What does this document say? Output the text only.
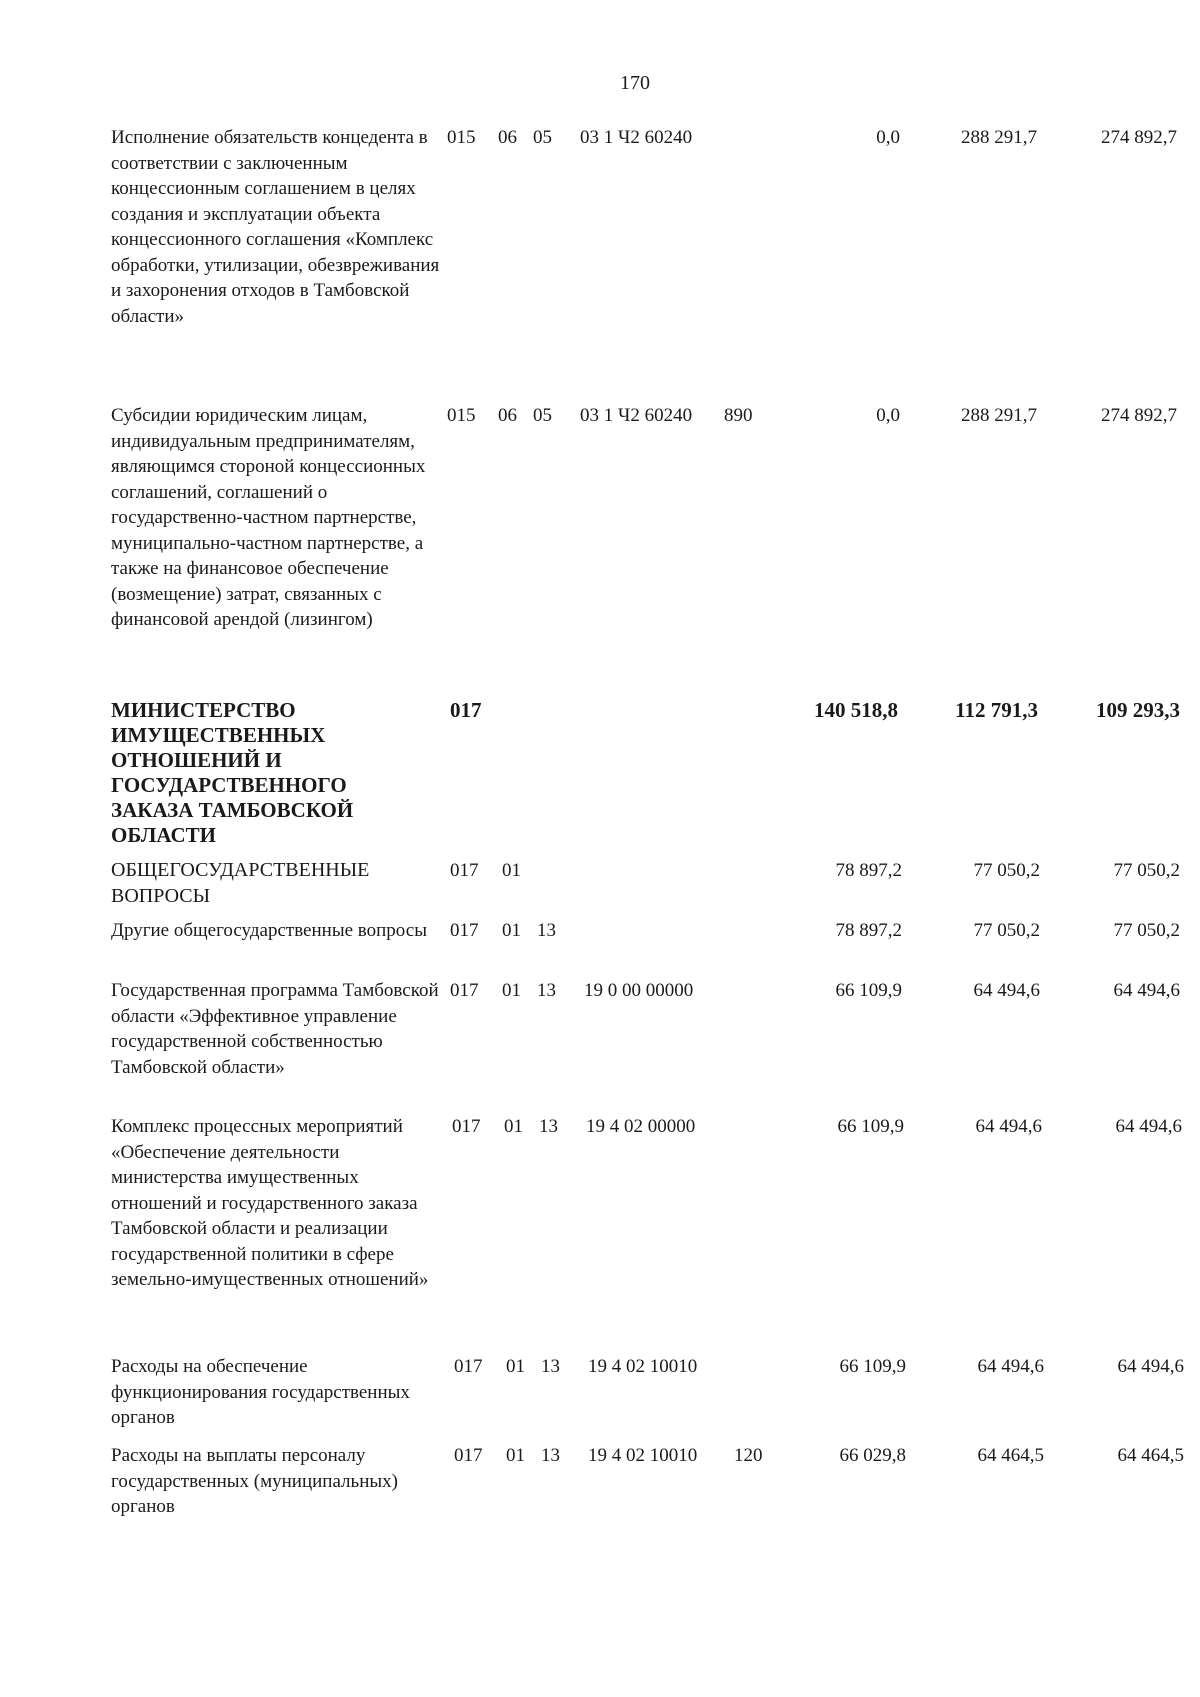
170
Исполнение обязательств концедента в соответствии с заключенным концессионным соглашением в целях создания и эксплуатации объекта концессионного соглашения «Комплекс обработки, утилизации, обезвреживания и захоронения отходов в Тамбовской области»
015 06 05 03 1 Ч2 60240	0,0	288 291,7	274 892,7
Субсидии юридическим лицам, индивидуальным предпринимателям, являющимся стороной концессионных соглашений, соглашений о государственно-частном партнерстве, муниципально-частном партнерстве, а также на финансовое обеспечение (возмещение) затрат, связанных с финансовой арендой (лизингом)
015 06 05 03 1 Ч2 60240 890	0,0	288 291,7	274 892,7
МИНИСТЕРСТВО ИМУЩЕСТВЕННЫХ ОТНОШЕНИЙ И ГОСУДАРСТВЕННОГО ЗАКАЗА ТАМБОВСКОЙ ОБЛАСТИ
017	140 518,8	112 791,3	109 293,3
ОБЩЕГОСУДАРСТВЕННЫЕ ВОПРОСЫ
017 01	78 897,2	77 050,2	77 050,2
Другие общегосударственные вопросы	017 01 13	78 897,2	77 050,2	77 050,2
Государственная программа Тамбовской области «Эффективное управление государственной собственностью Тамбовской области»
017 01 13 19 0 00 00000	66 109,9	64 494,6	64 494,6
Комплекс процессных мероприятий «Обеспечение деятельности министерства имущественных отношений и государственного заказа Тамбовской области и реализации государственной политики в сфере земельно-имущественных отношений»
017 01 13 19 4 02 00000	66 109,9	64 494,6	64 494,6
Расходы на обеспечение функционирования государственных органов
017 01 13 19 4 02 10010	66 109,9	64 494,6	64 494,6
Расходы на выплаты персоналу государственных (муниципальных) органов
017 01 13 19 4 02 10010 120	66 029,8	64 464,5	64 464,5
